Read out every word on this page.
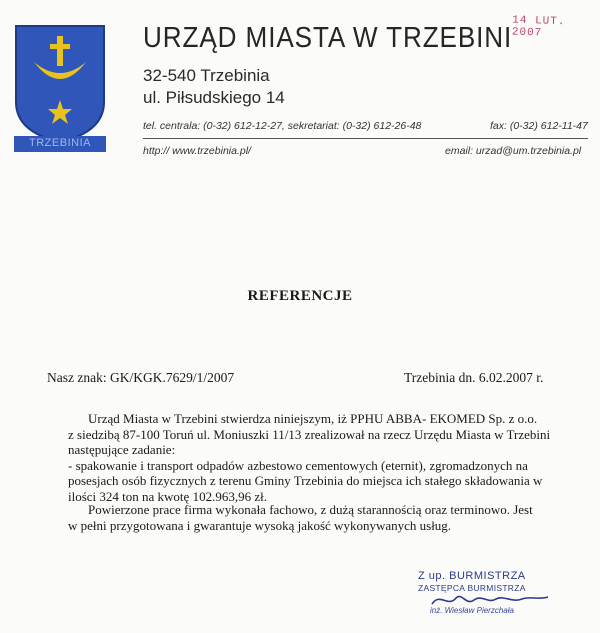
TRZEBINIA
URZĄD MIASTA W TRZEBINI
32-540 Trzebinia
ul. Piłsudskiego 14
tel. centrala: (0-32) 612-12-27, sekretariat: (0-32) 612-26-48	fax: (0-32) 612-11-47
http:// www.trzebinia.pl/	email: urzad@um.trzebinia.pl
14 LUT. 2007
REFERENCJE
Nasz znak: GK/KGK.7629/1/2007	Trzebinia dn. 6.02.2007 r.
Urząd Miasta w Trzebini stwierdza niniejszym, iż PPHU ABBA- EKOMED Sp. z o.o.
z siedzibą 87-100 Toruń ul. Moniuszki 11/13 zrealizował na rzecz Urzędu Miasta w Trzebini
następujące zadanie:
- spakowanie i transport odpadów azbestowo cementowych (eternit), zgromadzonych na
posesjach osób fizycznych z terenu Gminy Trzebinia do miejsca ich stałego składowania w
ilości 324 ton na kwotę 102.963,96 zł.
Powierzone prace firma wykonała fachowo, z dużą starannością oraz terminowo. Jest
w pełni przygotowana i gwarantuje wysoką jakość wykonywanych usług.
Z up. BURMISTRZA
ZASTĘPCA BURMISTRZA
inż. Wiesław Pierzchała
